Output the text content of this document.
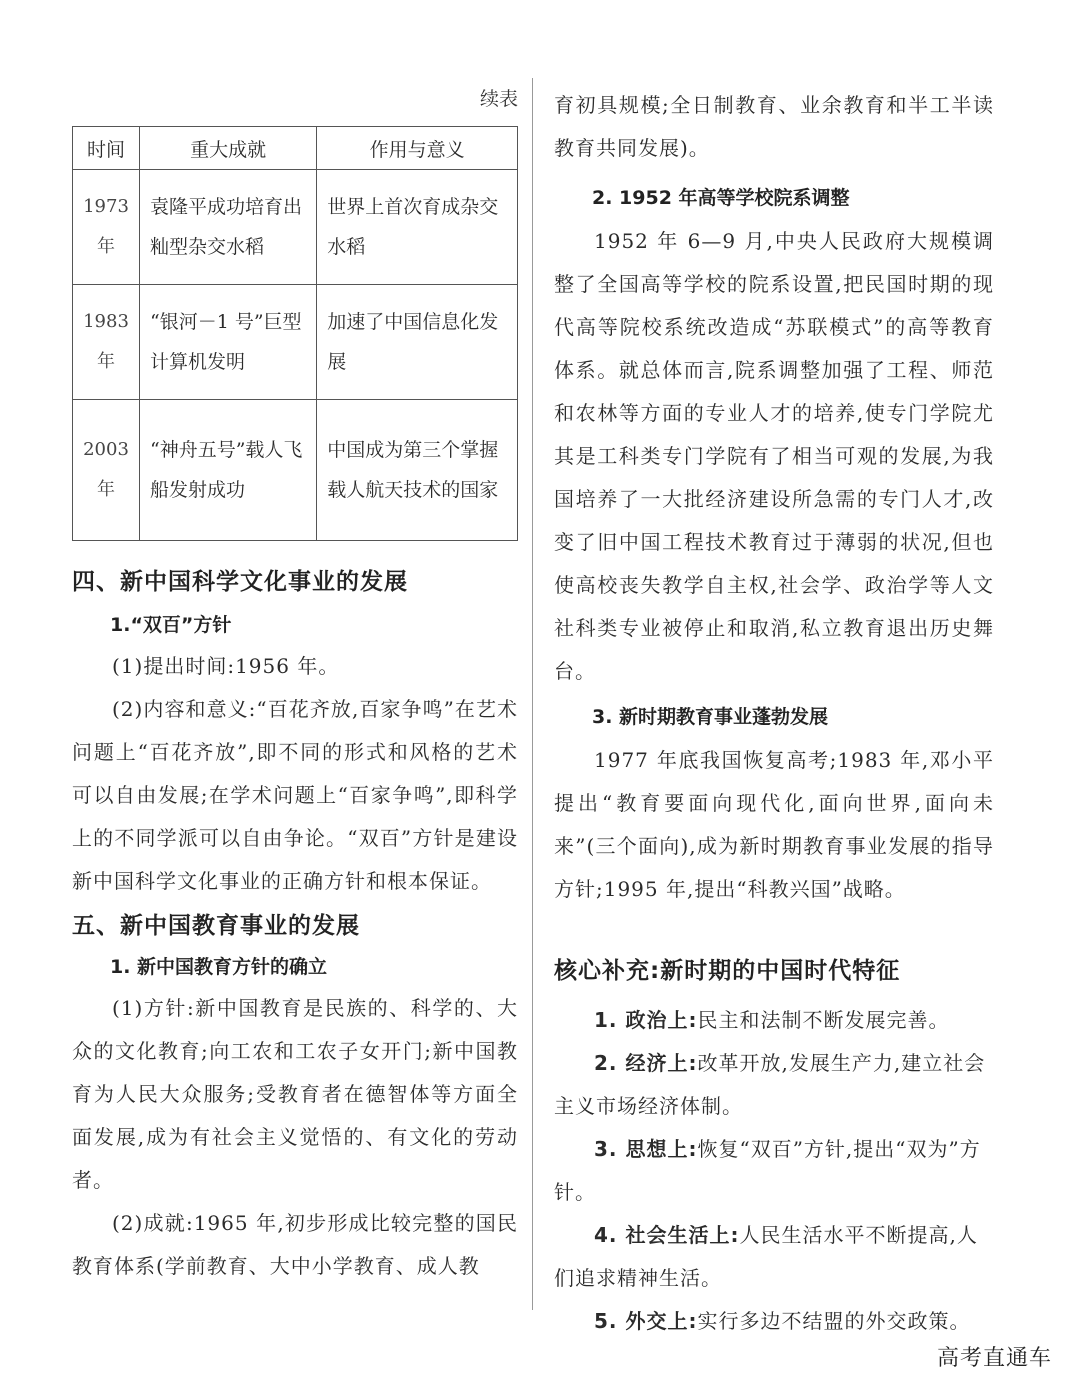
续表
时间	重大成就	作用与意义
1973 年	袁隆平成功培育出籼型杂交水稻	世界上首次育成杂交水稻
1983 年	“银河－1 号”巨型计算机发明	加速了中国信息化发展
2003 年	“神舟五号”载人飞船发射成功	中国成为第三个掌握载人航天技术的国家
四、新中国科学文化事业的发展
1.“双百”方针

(1)提出时间:1956 年。

(2)内容和意义:“百花齐放,百家争鸣”在艺术问题上“百花齐放”,即不同的形式和风格的艺术可以自由发展;在学术问题上“百家争鸣”,即科学上的不同学派可以自由争论。“双百”方针是建设新中国科学文化事业的正确方针和根本保证。

五、新中国教育事业的发展
1. 新中国教育方针的确立

(1)方针:新中国教育是民族的、科学的、大众的文化教育;向工农和工农子女开门;新中国教育为人民大众服务;受教育者在德智体等方面全面发展,成为有社会主义觉悟的、有文化的劳动者。

(2)成就:1965 年,初步形成比较完整的国民教育体系(学前教育、大中小学教育、成人教

育初具规模;全日制教育、业余教育和半工半读教育共同发展)。

2. 1952 年高等学校院系调整

1952 年 6—9 月,中央人民政府大规模调整了全国高等学校的院系设置,把民国时期的现代高等院校系统改造成“苏联模式”的高等教育体系。就总体而言,院系调整加强了工程、师范和农林等方面的专业人才的培养,使专门学院尤其是工科类专门学院有了相当可观的发展,为我国培养了一大批经济建设所急需的专门人才,改变了旧中国工程技术教育过于薄弱的状况,但也使高校丧失教学自主权,社会学、政治学等人文社科类专业被停止和取消,私立教育退出历史舞台。

3. 新时期教育事业蓬勃发展

1977 年底我国恢复高考;1983 年,邓小平提出“教育要面向现代化,面向世界,面向未来”(三个面向),成为新时期教育事业发展的指导方针;1995 年,提出“科教兴国”战略。

核心补充:新时期的中国时代特征

1. 政治上:民主和法制不断发展完善。

2. 经济上:改革开放,发展生产力,建立社会主义市场经济体制。

3. 思想上:恢复“双百”方针,提出“双为”方针。

4. 社会生活上:人民生活水平不断提高,人们追求精神生活。

5. 外交上:实行多边不结盟的外交政策。

高考直通车
